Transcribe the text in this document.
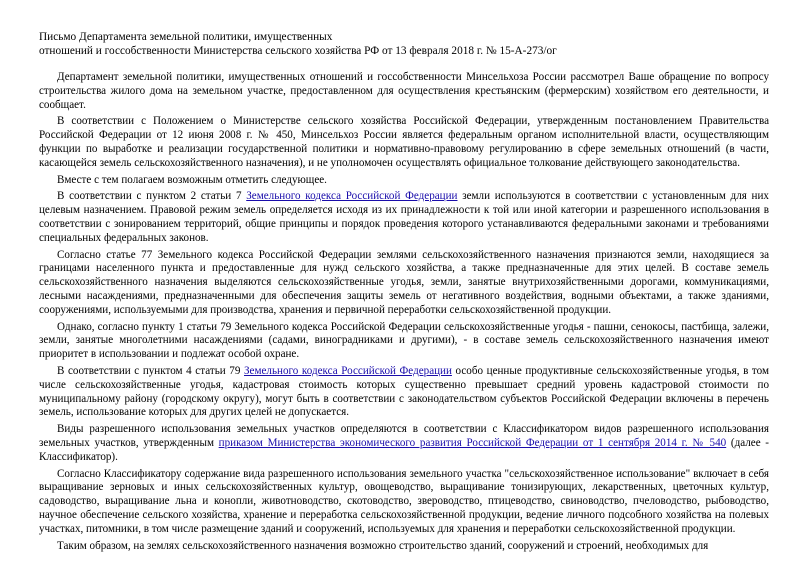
Письмо Департамента земельной политики, имущественных
отношений и госсобственности Министерства сельского хозяйства РФ от 13 февраля 2018 г. № 15-А-273/ог

Департамент земельной политики, имущественных отношений и госсобственности Минсельхоза России рассмотрел Ваше обращение по вопросу строительства жилого дома на земельном участке, предоставленном для осуществления крестьянским (фермерским) хозяйством его деятельности, и сообщает.

В соответствии с Положением о Министерстве сельского хозяйства Российской Федерации, утвержденным постановлением Правительства Российской Федерации от 12 июня 2008 г. № 450, Минсельхоз России является федеральным органом исполнительной власти, осуществляющим функции по выработке и реализации государственной политики и нормативно-правовому регулированию в сфере земельных отношений (в части, касающейся земель сельскохозяйственного назначения), и не уполномочен осуществлять официальное толкование действующего законодательства.

Вместе с тем полагаем возможным отметить следующее.

В соответствии с пунктом 2 статьи 7 Земельного кодекса Российской Федерации земли используются в соответствии с установленным для них целевым назначением. Правовой режим земель определяется исходя из их принадлежности к той или иной категории и разрешенного использования в соответствии с зонированием территорий, общие принципы и порядок проведения которого устанавливаются федеральными законами и требованиями специальных федеральных законов.

Согласно статье 77 Земельного кодекса Российской Федерации землями сельскохозяйственного назначения признаются земли, находящиеся за границами населенного пункта и предоставленные для нужд сельского хозяйства, а также предназначенные для этих целей. В составе земель сельскохозяйственного назначения выделяются сельскохозяйственные угодья, земли, занятые внутрихозяйственными дорогами, коммуникациями, лесными насаждениями, предназначенными для обеспечения защиты земель от негативного воздействия, водными объектами, а также зданиями, сооружениями, используемыми для производства, хранения и первичной переработки сельскохозяйственной продукции.

Однако, согласно пункту 1 статьи 79 Земельного кодекса Российской Федерации сельскохозяйственные угодья - пашни, сенокосы, пастбища, залежи, земли, занятые многолетними насаждениями (садами, виноградниками и другими), - в составе земель сельскохозяйственного назначения имеют приоритет в использовании и подлежат особой охране.

В соответствии с пунктом 4 статьи 79 Земельного кодекса Российской Федерации особо ценные продуктивные сельскохозяйственные угодья, в том числе сельскохозяйственные угодья, кадастровая стоимость которых существенно превышает средний уровень кадастровой стоимости по муниципальному району (городскому округу), могут быть в соответствии с законодательством субъектов Российской Федерации включены в перечень земель, использование которых для других целей не допускается.

Виды разрешенного использования земельных участков определяются в соответствии с Классификатором видов разрешенного использования земельных участков, утвержденным приказом Министерства экономического развития Российской Федерации от 1 сентября 2014 г. № 540 (далее - Классификатор).

Согласно Классификатору содержание вида разрешенного использования земельного участка "сельскохозяйственное использование" включает в себя выращивание зерновых и иных сельскохозяйственных культур, овощеводство, выращивание тонизирующих, лекарственных, цветочных культур, садоводство, выращивание льна и конопли, животноводство, скотоводство, звероводство, птицеводство, свиноводство, пчеловодство, рыбоводство, научное обеспечение сельского хозяйства, хранение и переработка сельскохозяйственной продукции, ведение личного подсобного хозяйства на полевых участках, питомники, в том числе размещение зданий и сооружений, используемых для хранения и переработки сельскохозяйственной продукции.

Таким образом, на землях сельскохозяйственного назначения возможно строительство зданий, сооружений и строений, необходимых для
